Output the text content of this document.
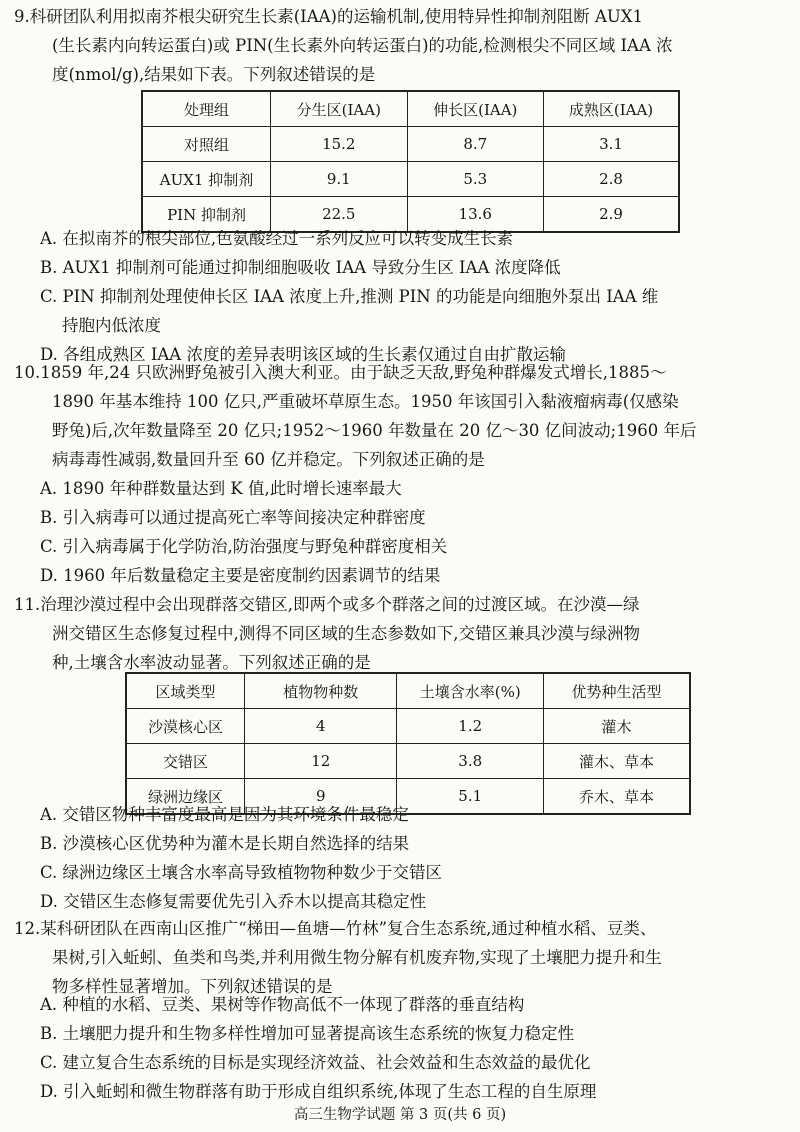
9.科研团队利用拟南芥根尖研究生长素(IAA)的运输机制,使用特异性抑制剂阻断 AUX1
(生长素内向转运蛋白)或 PIN(生长素外向转运蛋白)的功能,检测根尖不同区域 IAA 浓
度(nmol/g),结果如下表。下列叙述错误的是
处理组	分生区(IAA)	伸长区(IAA)	成熟区(IAA)
对照组	15.2	8.7	3.1
AUX1 抑制剂	9.1	5.3	2.8
PIN 抑制剂	22.5	13.6	2.9
A. 在拟南芥的根尖部位,色氨酸经过一系列反应可以转变成生长素
B. AUX1 抑制剂可能通过抑制细胞吸收 IAA 导致分生区 IAA 浓度降低
C. PIN 抑制剂处理使伸长区 IAA 浓度上升,推测 PIN 的功能是向细胞外泵出 IAA 维
持胞内低浓度
D. 各组成熟区 IAA 浓度的差异表明该区域的生长素仅通过自由扩散运输
10.1859 年,24 只欧洲野兔被引入澳大利亚。由于缺乏天敌,野兔种群爆发式增长,1885～
1890 年基本维持 100 亿只,严重破坏草原生态。1950 年该国引入黏液瘤病毒(仅感染
野兔)后,次年数量降至 20 亿只;1952～1960 年数量在 20 亿～30 亿间波动;1960 年后
病毒毒性减弱,数量回升至 60 亿并稳定。下列叙述正确的是
A. 1890 年种群数量达到 K 值,此时增长速率最大
B. 引入病毒可以通过提高死亡率等间接决定种群密度
C. 引入病毒属于化学防治,防治强度与野兔种群密度相关
D. 1960 年后数量稳定主要是密度制约因素调节的结果
11.治理沙漠过程中会出现群落交错区,即两个或多个群落之间的过渡区域。在沙漠—绿
洲交错区生态修复过程中,测得不同区域的生态参数如下,交错区兼具沙漠与绿洲物
种,土壤含水率波动显著。下列叙述正确的是
区域类型	植物物种数	土壤含水率(%)	优势种生活型
沙漠核心区	4	1.2	灌木
交错区	12	3.8	灌木、草本
绿洲边缘区	9	5.1	乔木、草本
A. 交错区物种丰富度最高是因为其环境条件最稳定
B. 沙漠核心区优势种为灌木是长期自然选择的结果
C. 绿洲边缘区土壤含水率高导致植物物种数少于交错区
D. 交错区生态修复需要优先引入乔木以提高其稳定性
12.某科研团队在西南山区推广“梯田—鱼塘—竹林”复合生态系统,通过种植水稻、豆类、
果树,引入蚯蚓、鱼类和鸟类,并利用微生物分解有机废弃物,实现了土壤肥力提升和生
物多样性显著增加。下列叙述错误的是
A. 种植的水稻、豆类、果树等作物高低不一体现了群落的垂直结构
B. 土壤肥力提升和生物多样性增加可显著提高该生态系统的恢复力稳定性
C. 建立复合生态系统的目标是实现经济效益、社会效益和生态效益的最优化
D. 引入蚯蚓和微生物群落有助于形成自组织系统,体现了生态工程的自生原理
高三生物学试题 第 3 页(共 6 页)
